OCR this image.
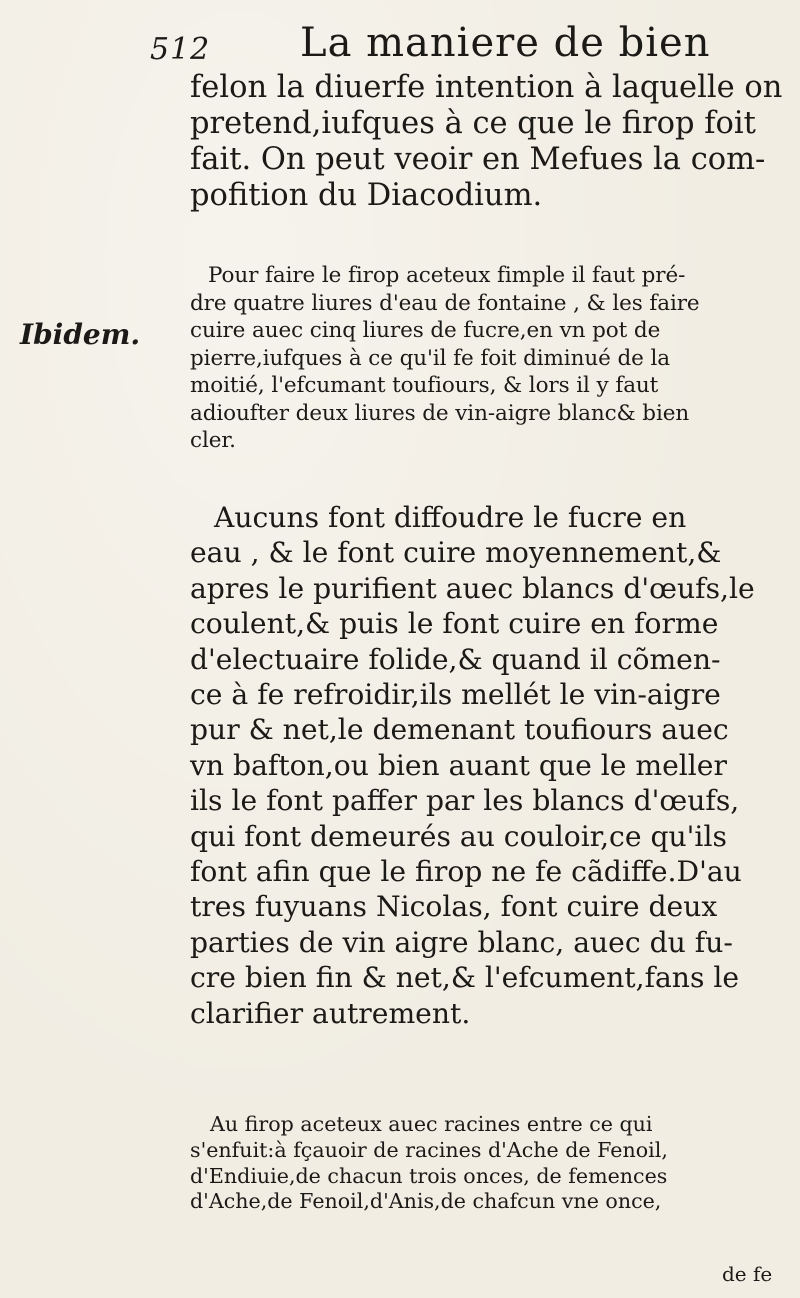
512 La maniere de bien
Ibidem.
felon la diuerfe intention à laquelle on
pretend,iufques à ce que le firop foit
fait. On peut veoir en Mefues la com-
pofition du Diacodium.
Pour faire le firop aceteux fimple il faut pré-
dre quatre liures d'eau de fontaine , & les faire
cuire auec cinq liures de fucre,en vn pot de
pierre,iufques à ce qu'il fe foit diminué de la
moitié, l'efcumant toufiours, & lors il y faut
adioufter deux liures de vin-aigre blanc& bien
cler.
Aucuns font diffoudre le fucre en
eau , & le font cuire moyennement,&
apres le purifient auec blancs d'œufs,le
coulent,& puis le font cuire en forme
d'electuaire folide,& quand il cõmen-
ce à fe refroidir,ils mellét le vin-aigre
pur & net,le demenant toufiours auec
vn bafton,ou bien auant que le meller
ils le font paffer par les blancs d'œufs,
qui font demeurés au couloir,ce qu'ils
font afin que le firop ne fe cãdiffe.D'au
tres fuyuans Nicolas, font cuire deux
parties de vin aigre blanc, auec du fu-
cre bien fin & net,& l'efcument,fans le
clarifier autrement.
Au firop aceteux auec racines entre ce qui
s'enfuit:à fçauoir de racines d'Ache de Fenoil,
d'Endiuie,de chacun trois onces, de femences
d'Ache,de Fenoil,d'Anis,de chafcun vne once,
de fe
